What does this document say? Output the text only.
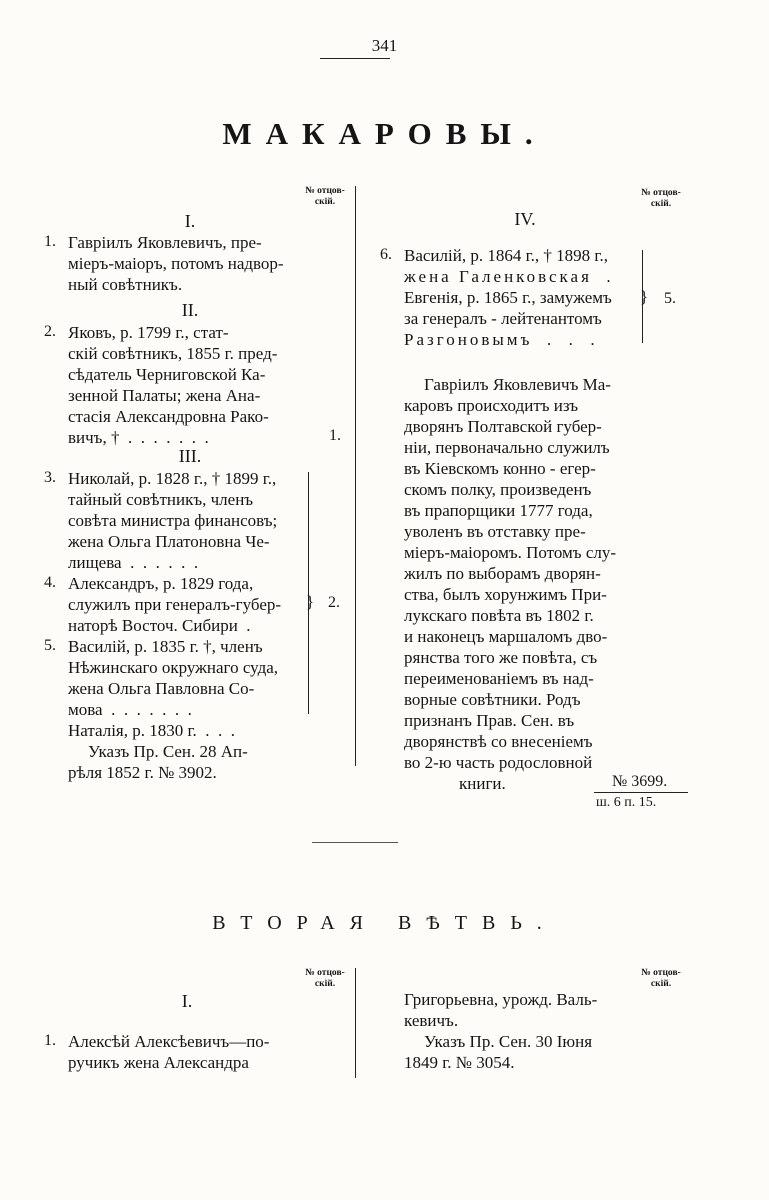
341
МАКАРОВЫ.
№ отцов-
скій.
I.
1. Гавріилъ Яковлевичъ, пре-
міеръ-маіоръ, потомъ надвор-
ный совѣтникъ.
II.
2. Яковъ, р. 1799 г., стат-
скій совѣтникъ, 1855 г. пред-
сѣдатель Черниговской Ка-
зенной Палаты; жена Ана-
стасія Александровна Рако-
вичъ, †  .  .  .  .  .  .  .	1.
III.
3. Николай, р. 1828 г., † 1899 г.,
тайный совѣтникъ, членъ
совѣта министра финансовъ;
жена Ольга Платоновна Че-
лищева  .  .  .  .  .  .
4. Александръ, р. 1829 года,
служилъ при генералъ-губер-
наторѣ Восточ. Сибири  .
5. Василій, р. 1835 г. †, членъ
Нѣжинскаго окружнаго суда,
жена Ольга Павловна Со-
мова  .  .  .  .  .  .  .
Наталія, р. 1830 г.  .  .  .
} 2.
Указъ Пр. Сен. 28 Ап-
рѣля 1852 г. № 3902.
№ отцов-
скій.
IV.
6. Василій, р. 1864 г., † 1898 г.,
жена Галенковская  .
Евгенія, р. 1865 г., замужемъ
за генералъ - лейтенантомъ
Разгоновымъ  .  .  .
} 5.
Гавріилъ Яковлевичъ Ма-
каровъ происходитъ изъ
дворянъ Полтавской губер-
ніи, первоначально служилъ
въ Кіевскомъ конно - егер-
скомъ полку, произведенъ
въ прапорщики 1777 года,
уволенъ въ отставку пре-
міеръ-маіоромъ. Потомъ слу-
жилъ по выборамъ дворян-
ства, былъ хорунжимъ При-
лукскаго повѣта въ 1802 г.
и наконецъ маршаломъ дво-
рянства того же повѣта, съ
переименованіемъ въ над-
ворные совѣтники. Родъ
признанъ Прав. Сен. въ
дворянствѣ со внесеніемъ
во 2-ю часть родословной
книги.	№ 3699.
ш. 6 п. 15.
ВТОРАЯ ВѢТВЬ.
№ отцов-
скій.
№ отцов-
скій.
I.
1. Алексѣй Алексѣевичъ—по-
ручикъ жена Александра
Григорьевна, урожд. Валь-
кевичъ.
Указъ Пр. Сен. 30 Іюня
1849 г. № 3054.
